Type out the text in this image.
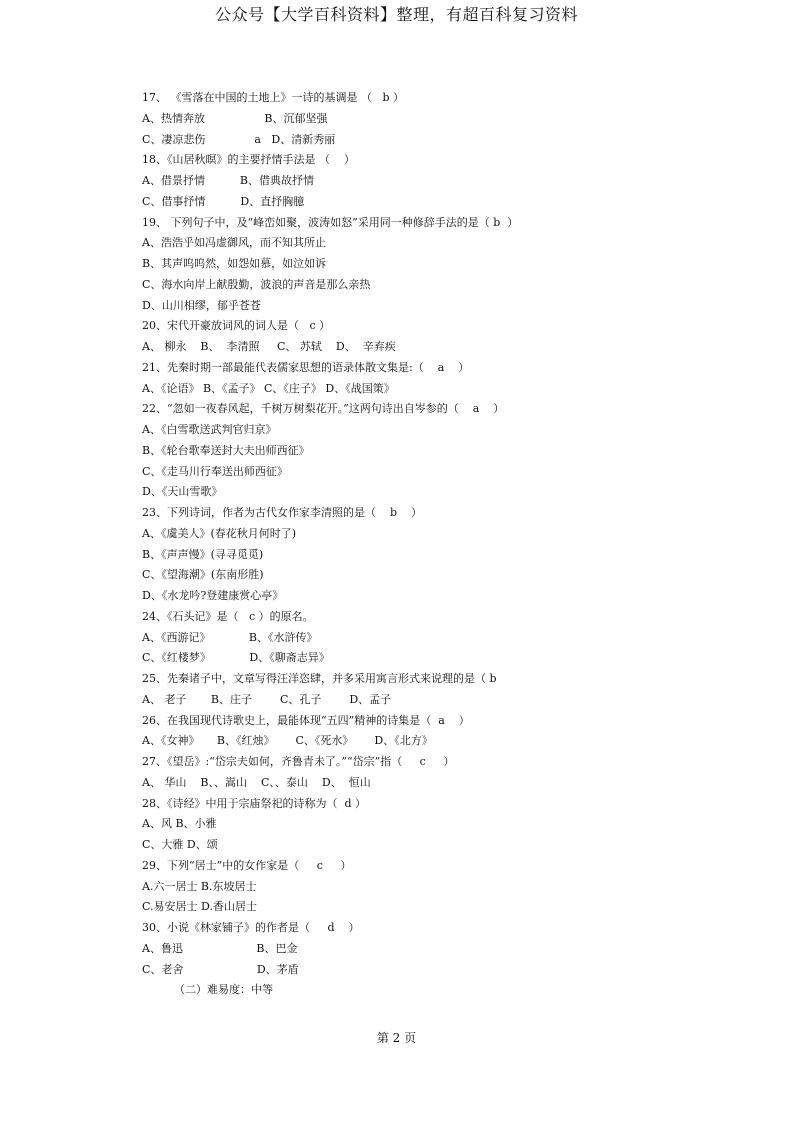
公众号【大学百科资料】整理，有超百科复习资料
17、 《雪落在中国的土地上》一诗的基调是 （   b ）
A、热情奔放                 B、沉郁坚强
C、凄凉悲伤              a   D、清新秀丽
18、《山居秋暝》的主要抒情手法是 （    ）
A、借景抒情          B、借典故抒情
C、借事抒情          D、直抒胸臆
19、 下列句子中，及“峰峦如聚，波涛如怒”采用同一种修辞手法的是（ b  ）
A、浩浩乎如冯虚御风，而不知其所止
B、其声呜呜然，如怨如慕，如泣如诉
C、海水向岸上献殷勤，波浪的声音是那么亲热
D、山川相缪，郁乎苍苍
20、宋代开豪放词风的词人是（   c ）
A、 柳永    B、  李清照     C、 苏轼    D、  辛弃疾
21、先秦时期一部最能代表儒家思想的语录体散文集是:（    a    ）
A、《论语》 B、《孟子》 C、《庄子》 D、《战国策》
22、“忽如一夜春风起，千树万树梨花开。”这两句诗出自岑参的（    a    ）
A、《白雪歌送武判官归京》
B、《轮台歌奉送封大夫出师西征》
C、《走马川行奉送出师西征》
D、《天山雪歌》
23、下列诗词，作者为古代女作家李清照的是（    b    ）
A、《虞美人》(春花秋月何时了)
B、《声声慢》(寻寻觅觅)
C、《望海潮》(东南形胜)
D、《水龙吟?登建康赏心亭》
24、《石头记》是（   c ）的原名。
A、《西游记》           B、《水浒传》
C、《红楼梦》           D、《聊斋志异》
25、先秦诸子中，文章写得汪洋恣肆，并多采用寓言形式来说理的是（ b
A、 老子       B、庄子        C、孔子        D、孟子
26、在我国现代诗歌史上，最能体现“五四”精神的诗集是（  a    ）
A、《女神》     B、《红烛》      C、《死水》      D、《北方》
27、《望岳》:“岱宗夫如何，齐鲁青未了。”“岱宗”指（     c     ）
A、 华山    B、、嵩山    C、、泰山    D、  恒山
28、《诗经》中用于宗庙祭祀的诗称为（  d ）
A、风 B、小雅
C、大雅 D、颂
29、下列“居士”中的女作家是（     c     ）
A.六一居士 B.东坡居士
C.易安居士 D.香山居士
30、小说《林家铺子》的作者是（     d    ）
A、鲁迅                     B、巴金
C、老舍                     D、茅盾
（二）难易度：中等
第 2 页
